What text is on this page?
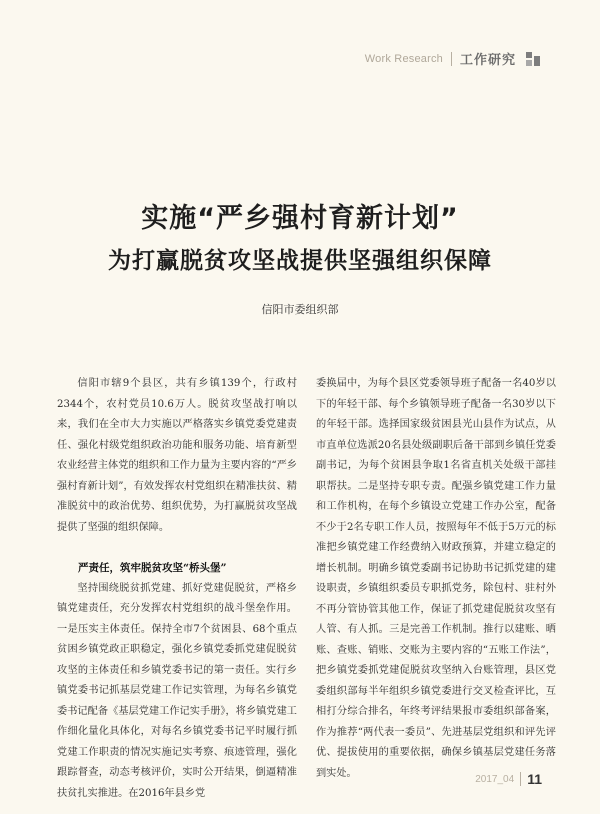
Work Research 工作研究
实施“严乡强村育新计划”
为打赢脱贫攻坚战提供坚强组织保障

信阳市委组织部

信阳市辖9个县区，共有乡镇139个，行政村2344个，农村党员10.6万人。脱贫攻坚战打响以来，我们在全市大力实施以严格落实乡镇党委党建责任、强化村级党组织政治功能和服务功能、培育新型农业经营主体党的组织和工作力量为主要内容的“严乡强村育新计划”，有效发挥农村党组织在精准扶贫、精准脱贫中的政治优势、组织优势，为打赢脱贫攻坚战提供了坚强的组织保障。

严责任，筑牢脱贫攻坚“桥头堡”

坚持围绕脱贫抓党建、抓好党建促脱贫，严格乡镇党建责任，充分发挥农村党组织的战斗堡垒作用。一是压实主体责任。保持全市7个贫困县、68个重点贫困乡镇党政正职稳定，强化乡镇党委抓党建促脱贫攻坚的主体责任和乡镇党委书记的第一责任。实行乡镇党委书记抓基层党建工作记实管理，为每名乡镇党委书记配备《基层党建工作记实手册》，将乡镇党建工作细化量化具体化，对每名乡镇党委书记平时履行抓党建工作职责的情况实施记实考察、痕迹管理，强化跟踪督查，动态考核评价，实时公开结果，倒逼精准扶贫扎实推进。在2016年县乡党

委换届中，为每个县区党委领导班子配备一名40岁以下的年轻干部、每个乡镇领导班子配备一名30岁以下的年轻干部。选择国家级贫困县光山县作为试点，从市直单位选派20名县处级副职后备干部到乡镇任党委副书记，为每个贫困县争取1名省直机关处级干部挂职帮扶。二是坚持专职专责。配强乡镇党建工作力量和工作机构，在每个乡镇设立党建工作办公室，配备不少于2名专职工作人员，按照每年不低于5万元的标准把乡镇党建工作经费纳入财政预算，并建立稳定的增长机制。明确乡镇党委副书记协助书记抓党建的建设职责，乡镇组织委员专职抓党务，除包村、驻村外不再分管协管其他工作，保证了抓党建促脱贫攻坚有人管、有人抓。三是完善工作机制。推行以建账、晒账、查账、销账、交账为主要内容的“五账工作法”，把乡镇党委抓党建促脱贫攻坚纳入台账管理，县区党委组织部每半年组织乡镇党委进行交叉检查评比，互相打分综合排名，年终考评结果报市委组织部备案，作为推荐“两代表一委员”、先进基层党组织和评先评优、提拔使用的重要依据，确保乡镇基层党建任务落到实处。

2017_04 11
